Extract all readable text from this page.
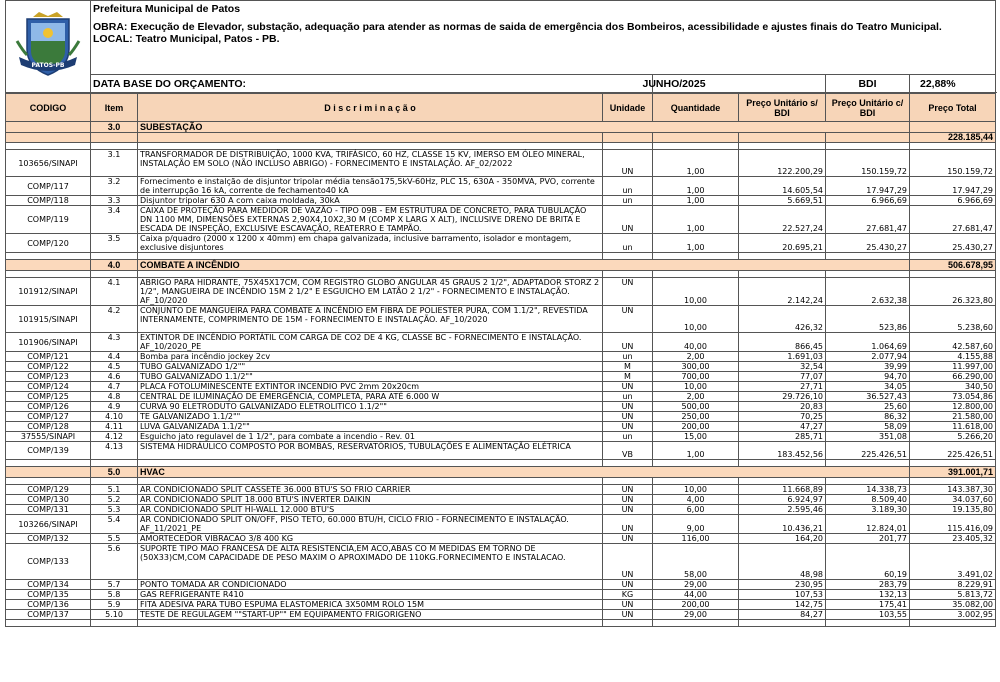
PATOS-PB	Prefeitura Municipal de Patos
OBRA: Execução de Elevador, substação, adequação para atender as normas de saida de emergência dos Bombeiros, acessibilidade e ajustes finais do Teatro Municipal.
LOCAL: Teatro Municipal, Patos - PB.				

	DATA BASE DO ORÇAMENTO:	JUNHO/2025		BDI	22,88%
CODIGO	Item	D i s c r i m i n a ç ã o	Unidade	Quantidade	Preço Unitário s/ BDI	Preço Unitário c/ BDI	Preço Total
	3.0	SUBESTAÇÃO					
							228.185,44

103656/SINAPI	3.1	TRANSFORMADOR DE DISTRIBUIÇÃO, 1000 KVA, TRIFÁSICO, 60 HZ, CLASSE 15 KV, IMERSO EM ÓLEO MINERAL, INSTALAÇÃO EM SOLO (NÃO INCLUSO ABRIGO) - FORNECIMENTO E INSTALAÇÃO. AF_02/2022	UN	1,00	122.200,29	150.159,72	150.159,72
COMP/117	3.2	Fornecimento e instalção de disjuntor tripolar média tensão175,5kV-60Hz, PLC 15, 630A - 350MVA, PVO, corrente de interrupção 16 kA, corrente de fechamento40 kA	un	1,00	14.605,54	17.947,29	17.947,29
COMP/118	3.3	Disjuntor tripolar 630 A com caixa moldada, 30kA	un	1,00	5.669,51	6.966,69	6.966,69
COMP/119	3.4	CAIXA DE PROTEÇÃO PARA MEDIDOR DE VAZÃO - TIPO 09B - EM ESTRUTURA DE CONCRETO, PARA TUBULAÇÃO DN 1100 MM, DIMENSÕES EXTERNAS 2,90X4,10X2,30 M (COMP X LARG X ALT), INCLUSIVE DRENO DE BRITA E ESCADA DE INSPEÇÃO, EXCLUSIVE ESCAVAÇÃO, REATERRO E TAMPÃO.	UN	1,00	22.527,24	27.681,47	27.681,47
COMP/120	3.5	Caixa p/quadro (2000 x 1200 x 40mm) em chapa galvanizada, inclusive barramento, isolador e montagem, exclusive disjuntores	un	1,00	20.695,21	25.430,27	25.430,27

	4.0	COMBATE A INCÊNDIO					506.678,95

101912/SINAPI	4.1	ABRIGO PARA HIDRANTE, 75X45X17CM, COM REGISTRO GLOBO ANGULAR 45 GRAUS 2 1/2", ADAPTADOR STORZ 2 1/2", MANGUEIRA DE INCÊNDIO 15M 2 1/2" E ESGUICHO EM LATÃO 2 1/2" - FORNECIMENTO E INSTALAÇÃO. AF_10/2020	UN	10,00	2.142,24	2.632,38	26.323,80
101915/SINAPI	4.2	CONJUNTO DE MANGUEIRA PARA COMBATE A INCÊNDIO EM FIBRA DE POLIESTER PURA, COM 1.1/2", REVESTIDA INTERNAMENTE, COMPRIMENTO DE 15M - FORNECIMENTO E INSTALAÇÃO. AF_10/2020	UN	10,00	426,32	523,86	5.238,60
101906/SINAPI	4.3	EXTINTOR DE INCÊNDIO PORTÁTIL COM CARGA DE CO2 DE 4 KG, CLASSE BC - FORNECIMENTO E INSTALAÇÃO. AF_10/2020_PE	UN	40,00	866,45	1.064,69	42.587,60
COMP/121	4.4	Bomba para incêndio jockey 2cv	un	2,00	1.691,03	2.077,94	4.155,88
COMP/122	4.5	TUBO GALVANIZADO 1/2""	M	300,00	32,54	39,99	11.997,00
COMP/123	4.6	TUBO GALVANIZADO 1.1/2""	M	700,00	77,07	94,70	66.290,00
COMP/124	4.7	PLACA FOTOLUMINESCENTE EXTINTOR INCENDIO PVC 2mm 20x20cm	UN	10,00	27,71	34,05	340,50
COMP/125	4.8	CENTRAL DE ILUMINAÇÃO DE EMERGÊNCIA, COMPLETA, PARA ATÉ 6.000 W	un	2,00	29.726,10	36.527,43	73.054,86
COMP/126	4.9	CURVA 90 ELETRODUTO GALVANIZADO ELETROLITICO 1.1/2""	UN	500,00	20,83	25,60	12.800,00
COMP/127	4.10	TE GALVANIZADO 1.1/2""	UN	250,00	70,25	86,32	21.580,00
COMP/128	4.11	LUVA GALVANIZADA 1.1/2""	UN	200,00	47,27	58,09	11.618,00
37555/SINAPI	4.12	Esguicho jato regulavel de 1 1/2", para combate a incendio - Rev. 01	un	15,00	285,71	351,08	5.266,20
COMP/139	4.13	SISTEMA HIDRÁULICO COMPOSTO POR BOMBAS, RESERVATÓRIOS, TUBULAÇÕES E ALIMENTAÇÃO ELÉTRICA	VB	1,00	183.452,56	225.426,51	225.426,51

	5.0	HVAC					391.001,71

COMP/129	5.1	AR CONDICIONADO SPLIT CASSETE 36.000 BTU'S SO FRIO CARRIER	UN	10,00	11.668,89	14.338,73	143.387,30
COMP/130	5.2	AR CONDICIONADO SPLIT 18.000 BTU'S INVERTER DAIKIN	UN	4,00	6.924,97	8.509,40	34.037,60
COMP/131	5.3	AR CONDICIONADO SPLIT HI-WALL 12.000 BTU'S	UN	6,00	2.595,46	3.189,30	19.135,80
103266/SINAPI	5.4	AR CONDICIONADO SPLIT ON/OFF, PISO TETO, 60.000 BTU/H, CICLO FRIO - FORNECIMENTO E INSTALAÇÃO. AF_11/2021_PE	UN	9,00	10.436,21	12.824,01	115.416,09
COMP/132	5.5	AMORTECEDOR VIBRACAO 3/8 400 KG	UN	116,00	164,20	201,77	23.405,32
COMP/133	5.6	SUPORTE TIPO MAO FRANCESA DE ALTA RESISTENCIA,EM ACO,ABAS CO M MEDIDAS EM TORNO DE (50X33)CM,COM CAPACIDADE DE PESO MAXIM O APROXIMADO DE 110KG.FORNECIMENTO E INSTALACAO.	UN	58,00	48,98	60,19	3.491,02
COMP/134	5.7	PONTO TOMADA AR CONDICIONADO	UN	29,00	230,95	283,79	8.229,91
COMP/135	5.8	GAS REFRIGERANTE R410	KG	44,00	107,53	132,13	5.813,72
COMP/136	5.9	FITA ADESIVA PARA TUBO ESPUMA ELASTOMERICA 3X50MM ROLO 15M	UN	200,00	142,75	175,41	35.082,00
COMP/137	5.10	TESTE DE REGULAGEM ""START-UP"" EM EQUIPAMENTO FRIGORIGENO	UN	29,00	84,27	103,55	3.002,95
